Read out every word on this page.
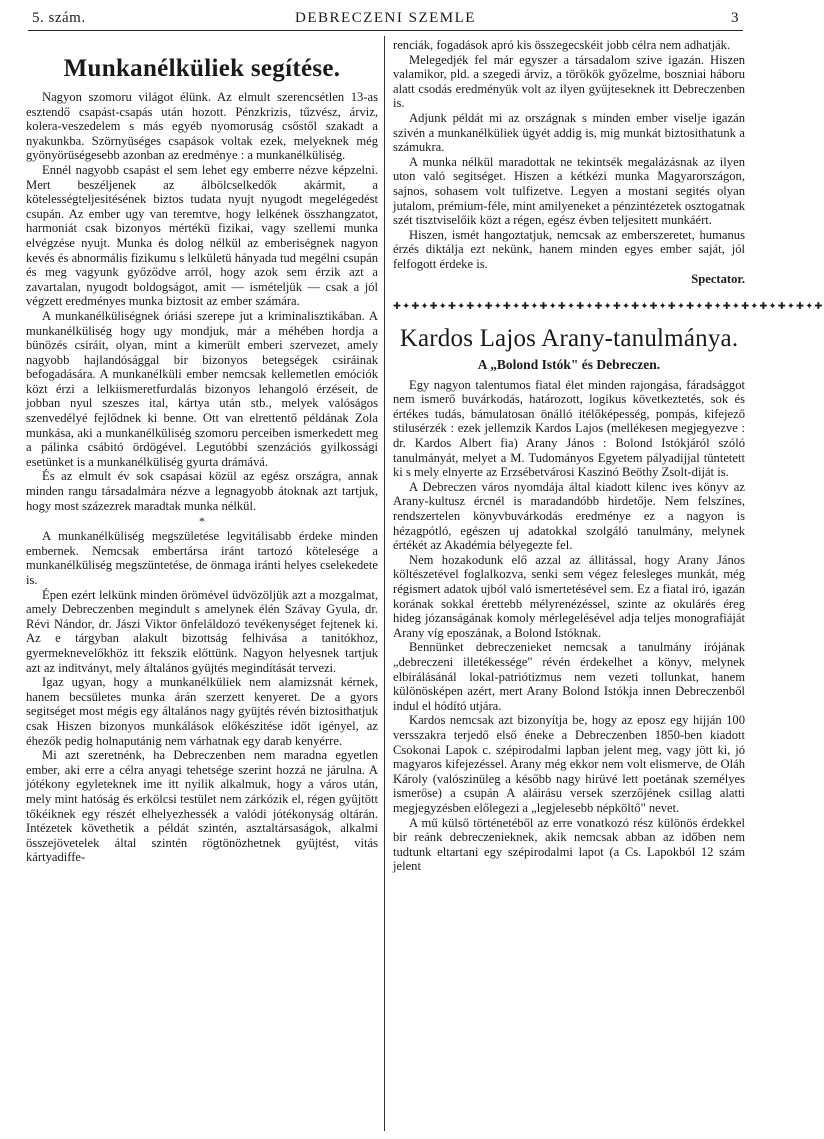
5. szám.	DEBRECZENI SZEMLE	3
Munkanélküliek segítése.

Nagyon szomoru világot élünk. Az elmult szerencsétlen 13-as esztendő csapást-csapás után hozott. Pénzkrizis, tűzvész, árviz, kolera-veszedelem s más egyéb nyomoruság csőstől szakadt a nyakunkba. Szörnyüséges csapások voltak ezek, melyeknek még gyönyörüségesebb azonban az eredménye : a munkanélküliség.

Ennél nagyobb csapást el sem lehet egy emberre nézve képzelni. Mert beszéljenek az álbölcselkedők akármit, a kötelességteljesitésének biztos tudata nyujt nyugodt megelégedést csupán. Az ember ugy van teremtve, hogy lelkének összhangzatot, harmoniát csak bizonyos mértékü fizikai, vagy szellemi munka elvégzése nyujt. Munka és dolog nélkül az emberiségnek nagyon kevés és abnormális fizikumu s lelkületü hányada tud megélni csupán és meg vagyunk győződve arról, hogy azok sem érzik azt a zavartalan, nyugodt boldogságot, amit — ismételjük — csak a jól végzett eredményes munka biztosit az ember számára.

A munkanélküliségnek óriási szerepe jut a kriminalisztikában. A munkanélküliség hogy ugy mondjuk, már a méhében hordja a bünözés csiráit, olyan, mint a kimerült emberi szervezet, amely nagyobb hajlandósággal bir bizonyos betegségek csiráinak befogadására. A munkanélküli ember nemcsak kellemetlen emóciók közt érzi a lelkiismeretfurdalás bizonyos lehangoló érzéseit, de jobban nyul szeszes ital, kártya után stb., melyek valóságos szenvedélyé fejlődnek ki benne. Ott van elrettentő példának Zola munkása, aki a munkanélküliség szomoru perceiben ismerkedett meg a pálinka csábitó ördögével. Legutóbbi szenzációs gyilkossági esetünket is a munkanélküliség gyurta drámává.

És az elmult év sok csapásai közül az egész országra, annak minden rangu társadalmára nézve a legnagyobb átoknak azt tartjuk, hogy most százezrek maradtak munka nélkül.

*

A munkanélküliség megszületése legvitálisabb érdeke minden embernek. Nemcsak embertársa iránt tartozó kötelesége a munkanélküliség megszüntetése, de önmaga iránti helyes cselekedete is.

Épen ezért lelkünk minden örömével üdvözöljük azt a mozgalmat, amely Debreczenben megindult s amelynek élén Szávay Gyula, dr. Révi Nándor, dr. Jászi Viktor önfeláldozó tevékenységet fejtenek ki. Az e tárgyban alakult bizottság felhivása a tanitókhoz, gyermeknevelőkhöz itt fekszik előttünk. Nagyon helyesnek tartjuk azt az inditványt, mely általános gyüjtés megindítását tervezi.

Igaz ugyan, hogy a munkanélküliek nem alamizsnát kérnek, hanem becsületes munka árán szerzett kenyeret. De a gyors segitséget most mégis egy általános nagy gyüjtés révén biztosithatjuk csak Hiszen bizonyos munkálások előkészitése időt igényel, az éhezők pedig holnaputánig nem várhatnak egy darab kenyérre.

Mi azt szeretnénk, ha Debreczenben nem maradna egyetlen ember, aki erre a célra anyagi tehetsége szerint hozzá ne járulna. A jótékony egyleteknek ime itt nyilik alkalmuk, hogy a város után, mely mint hatóság és erkölcsi testület nem zárkózik el, régen gyüjtött tőkéiknek egy részét elhelyezhessék a valódi jótékonyság oltárán. Intézetek követhetik a példát szintén, asztaltársaságok, alkalmi összejövetelek által szintén rögtönözhetnek gyüjtést, vitás kártyadiffe-

renciák, fogadások apró kis összegecskéit jobb célra nem adhatják.

Melegedjék fel már egyszer a társadalom szive igazán. Hiszen valamikor, pld. a szegedi árviz, a törökök győzelme, boszniai háboru alatt csodás eredményük volt az ilyen gyüjteseknek itt Debreczenben is.

Adjunk példát mi az országnak s minden ember viselje igazán szivén a munkanélküliek ügyét addig is, mig munkát biztosithatunk a számukra.

A munka nélkül maradottak ne tekintsék megalázásnak az ilyen uton való segitséget. Hiszen a kétkézi munka Magyarországon, sajnos, sohasem volt tulfizetve. Legyen a mostani segités olyan jutalom, prémium-féle, mint amilyeneket a pénzintézetek osztogatnak szét tisztviselőik közt a régen, egész évben teljesitett munkáért.

Hiszen, ismét hangoztatjuk, nemcsak az emberszeretet, humanus érzés diktálja ezt nekünk, hanem minden egyes ember saját, jól felfogott érdeke is.

Spectator.
✚✦✚✦✚✦✚✦✚✦✚✦✚✦✚✦✚✦✚✦✚✦✚✦✚✦✚✦✚✦✚✦✚✦✚✦✚✦✚✦✚✦✚✦✚✦✚
Kardos Lajos Arany-tanulmánya.
A „Bolond Istók" és Debreczen.

Egy nagyon talentumos fiatal élet minden rajongása, fáradsággot nem ismerő buvárkodás, határozott, logikus következtetés, sok és értékes tudás, bámulatosan önálló itélőképesség, pompás, kifejező stilusérzék : ezek jellemzik Kardos Lajos (mellékesen megjegyezve : dr. Kardos Albert fia) Arany János : Bolond Istókjáról szóló tanulmányát, melyet a M. Tudományos Egyetem pályadijjal tüntetett ki s mely elnyerte az Erzsébetvárosi Kaszinó Beöthy Zsolt-diját is.

A Debreczen város nyomdája által kiadott kilenc ives könyv az Arany-kultusz ércnél is maradandóbb hirdetője. Nem felszínes, rendszertelen könyvbuvárkodás eredménye ez a nagyon is hézagpótló, egészen uj adatokkal szolgáló tanulmány, melynek értékét az Akadémia bélyegezte fel.

Nem hozakodunk elő azzal az állitással, hogy Arany János költészetével foglalkozva, senki sem végez felesleges munkát, még régismert adatok ujból való ismertetésével sem. Ez a fiatal iró, igazán korának sokkal érettebb mélyrenézéssel, szinte az okulárés éreg hideg józanságának komoly mérlegelésével adja teljes monografiáját Arany víg eposzának, a Bolond Istóknak.

Bennünket debreczenieket nemcsak a tanulmány irójának „debreczeni illetékessége" révén érdekelhet a könyv, melynek elbirálásánál lokal-patriótizmus nem vezeti tollunkat, hanem különösképen azért, mert Arany Bolond Istókja innen Debreczenből indul el hódító utjára.

Kardos nemcsak azt bizonyítja be, hogy az eposz egy hijján 100 versszakra terjedő első éneke a Debreczenben 1850-ben kiadott Csokonai Lapok c. szépirodalmi lapban jelent meg, vagy jött ki, jó magyaros kifejezéssel. Arany még ekkor nem volt elismerve, de Oláh Károly (valószinüleg a később nagy hirüvé lett poetának személyes ismerőse) a csupán A aláirásu versek szerzőjének csillag alatti megjegyzésben előlegezi a „legjelesebb népköltő" nevet.

A mű külső történetéből az erre vonatkozó rész különös érdekkel bir reánk debreczenieknek, akik nemcsak abban az időben nem tudtunk eltartani egy szépirodalmi lapot (a Cs. Lapokból 12 szám jelent
